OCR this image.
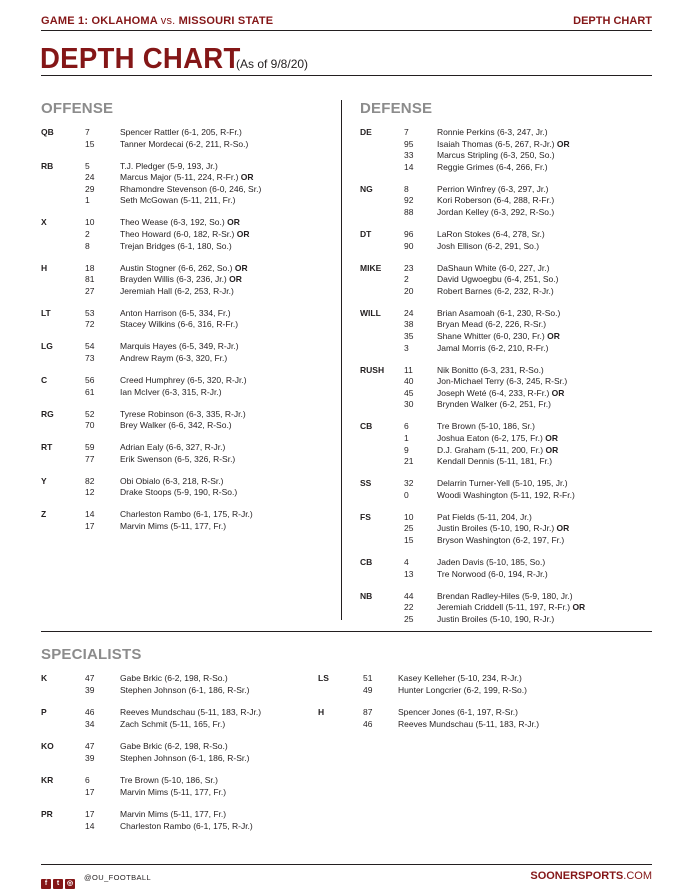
GAME 1: OKLAHOMA vs. MISSOURI STATE	DEPTH CHART
DEPTH CHART
(As of 9/8/20)
OFFENSE
QB	7	Spencer Rattler (6-1, 205, R-Fr.)
15	Tanner Mordecai (6-2, 211, R-So.)
RB	5	T.J. Pledger (5-9, 193, Jr.)
24	Marcus Major (5-11, 224, R-Fr.) OR
29	Rhamondre Stevenson (6-0, 246, Sr.)
1	Seth McGowan (5-11, 211, Fr.)
X	10	Theo Wease (6-3, 192, So.) OR
2	Theo Howard (6-0, 182, R-Sr.) OR
8	Trejan Bridges (6-1, 180, So.)
H	18	Austin Stogner (6-6, 262, So.) OR
81	Brayden Willis (6-3, 236, Jr.) OR
27	Jeremiah Hall (6-2, 253, R-Jr.)
LT	53	Anton Harrison (6-5, 334, Fr.)
72	Stacey Wilkins (6-6, 316, R-Fr.)
LG	54	Marquis Hayes (6-5, 349, R-Jr.)
73	Andrew Raym (6-3, 320, Fr.)
C	56	Creed Humphrey (6-5, 320, R-Jr.)
61	Ian McIver (6-3, 315, R-Jr.)
RG	52	Tyrese Robinson (6-3, 335, R-Jr.)
70	Brey Walker (6-6, 342, R-So.)
RT	59	Adrian Ealy (6-6, 327, R-Jr.)
77	Erik Swenson (6-5, 326, R-Sr.)
Y	82	Obi Obialo (6-3, 218, R-Sr.)
12	Drake Stoops (5-9, 190, R-So.)
Z	14	Charleston Rambo (6-1, 175, R-Jr.)
17	Marvin Mims (5-11, 177, Fr.)
DEFENSE
DE	7	Ronnie Perkins (6-3, 247, Jr.)
95	Isaiah Thomas (6-5, 267, R-Jr.) OR
33	Marcus Stripling (6-3, 250, So.)
14	Reggie Grimes (6-4, 266, Fr.)
NG	8	Perrion Winfrey (6-3, 297, Jr.)
92	Kori Roberson (6-4, 288, R-Fr.)
88	Jordan Kelley (6-3, 292, R-So.)
DT	96	LaRon Stokes (6-4, 278, Sr.)
90	Josh Ellison (6-2, 291, So.)
MIKE	23	DaShaun White (6-0, 227, Jr.)
2	David Ugwoegbu (6-4, 251, So.)
20	Robert Barnes (6-2, 232, R-Jr.)
WILL	24	Brian Asamoah (6-1, 230, R-So.)
38	Bryan Mead (6-2, 226, R-Sr.)
35	Shane Whitter (6-0, 230, Fr.) OR
3	Jamal Morris (6-2, 210, R-Fr.)
RUSH 11	Nik Bonitto (6-3, 231, R-So.)
40	Jon-Michael Terry (6-3, 245, R-Sr.)
45	Joseph Weté (6-4, 233, R-Fr.) OR
30	Brynden Walker (6-2, 251, Fr.)
CB	6	Tre Brown (5-10, 186, Sr.)
1	Joshua Eaton (6-2, 175, Fr.) OR
9	D.J. Graham (5-11, 200, Fr.) OR
21	Kendall Dennis (5-11, 181, Fr.)
SS	32	Delarrin Turner-Yell (5-10, 195, Jr.)
0	Woodi Washington (5-11, 192, R-Fr.)
FS	10	Pat Fields (5-11, 204, Jr.)
25	Justin Broiles (5-10, 190, R-Jr.) OR
15	Bryson Washington (6-2, 197, Fr.)
CB	4	Jaden Davis (5-10, 185, So.)
13	Tre Norwood (6-0, 194, R-Jr.)
NB	44	Brendan Radley-Hiles (5-9, 180, Jr.)
22	Jeremiah Criddell (5-11, 197, R-Fr.) OR
25	Justin Broiles (5-10, 190, R-Jr.)
SPECIALISTS
K	47	Gabe Brkic (6-2, 198, R-So.)
39	Stephen Johnson (6-1, 186, R-Sr.)
P	46	Reeves Mundschau (5-11, 183, R-Jr.)
34	Zach Schmit (5-11, 165, Fr.)
KO	47	Gabe Brkic (6-2, 198, R-So.)
39	Stephen Johnson (6-1, 186, R-Sr.)
KR	6	Tre Brown (5-10, 186, Sr.)
17	Marvin Mims (5-11, 177, Fr.)
PR	17	Marvin Mims (5-11, 177, Fr.)
14	Charleston Rambo (6-1, 175, R-Jr.)
LS	51	Kasey Kelleher (5-10, 234, R-Jr.)
49	Hunter Longcrier (6-2, 199, R-So.)
H	87	Spencer Jones (6-1, 197, R-Sr.)
46	Reeves Mundschau (5-11, 183, R-Jr.)
f t ◎
@OU_FOOTBALL	SOONERSPORTS.COM
